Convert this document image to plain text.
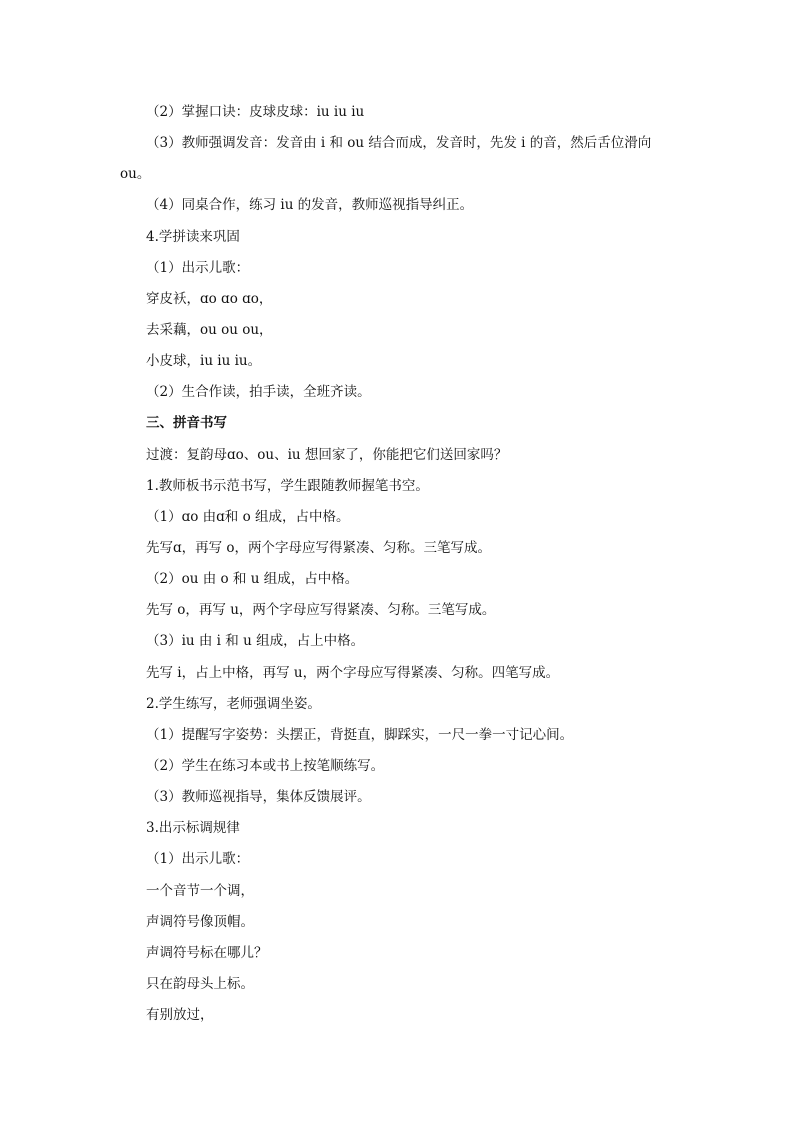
（2）掌握口诀：皮球皮球：iu iu iu
（3）教师强调发音：发音由 i 和 ou 结合而成，发音时，先发 i 的音，然后舌位滑向
ou。
（4）同桌合作，练习 iu 的发音，教师巡视指导纠正。
4.学拼读来巩固
（1）出示儿歌：
穿皮袄，ɑo ɑo ɑo，
去采藕，ou ou ou，
小皮球，iu iu iu。
（2）生合作读，拍手读，全班齐读。
三、拼音书写
过渡：复韵母ɑo、ou、iu 想回家了，你能把它们送回家吗？
1.教师板书示范书写，学生跟随教师握笔书空。
（1）ɑo 由ɑ和 o 组成，占中格。
先写ɑ，再写 o，两个字母应写得紧凑、匀称。三笔写成。
（2）ou 由 o 和 u 组成，占中格。
先写 o，再写 u，两个字母应写得紧凑、匀称。三笔写成。
（3）iu 由 i 和 u 组成，占上中格。
先写 i，占上中格，再写 u，两个字母应写得紧凑、匀称。四笔写成。
2.学生练写，老师强调坐姿。
（1）提醒写字姿势：头摆正，背挺直，脚踩实，一尺一拳一寸记心间。
（2）学生在练习本或书上按笔顺练写。
（3）教师巡视指导，集体反馈展评。
3.出示标调规律
（1）出示儿歌：
一个音节一个调，
声调符号像顶帽。
声调符号标在哪儿？
只在韵母头上标。
有别放过，
